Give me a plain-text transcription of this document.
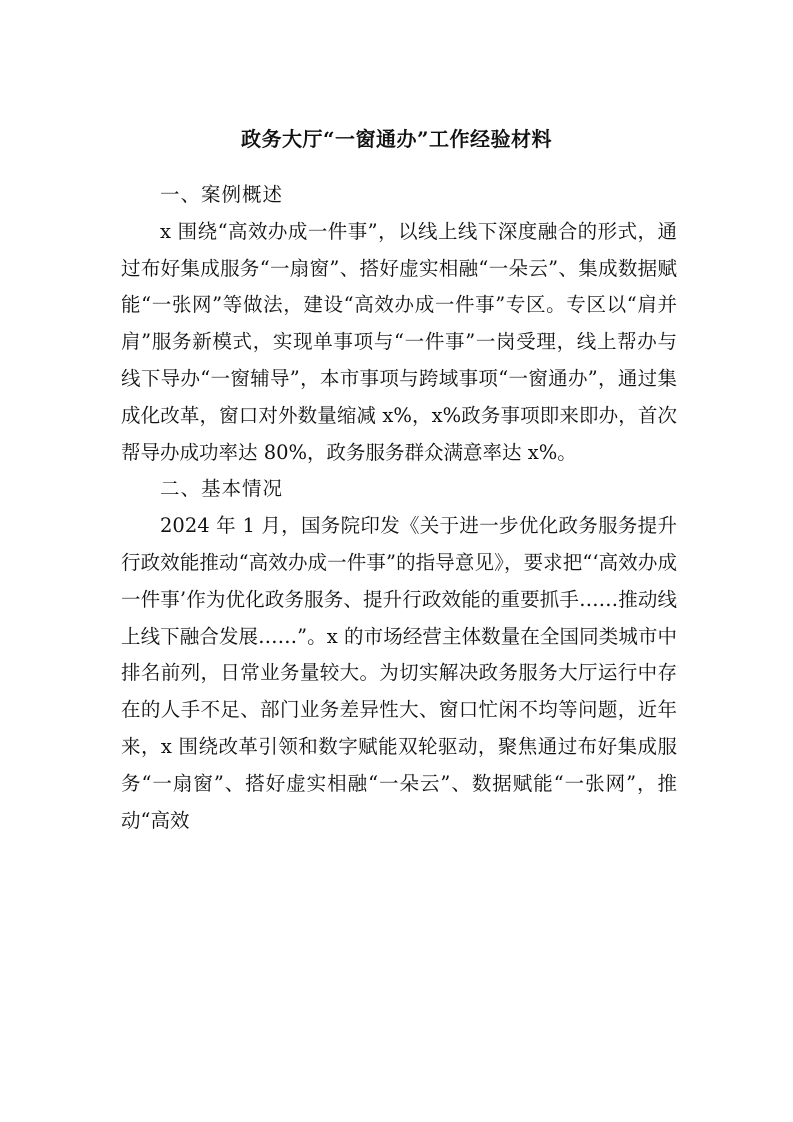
政务大厅“一窗通办”工作经验材料

一、案例概述

x 围绕“高效办成一件事”，以线上线下深度融合的形式，通过布好集成服务“一扇窗”、搭好虚实相融“一朵云”、集成数据赋能“一张网”等做法，建设“高效办成一件事”专区。专区以“肩并肩”服务新模式，实现单事项与“一件事”一岗受理，线上帮办与线下导办“一窗辅导”，本市事项与跨域事项“一窗通办”，通过集成化改革，窗口对外数量缩减 x%，x%政务事项即来即办，首次帮导办成功率达 80%，政务服务群众满意率达 x%。

二、基本情况

2024 年 1 月，国务院印发《关于进一步优化政务服务提升行政效能推动“高效办成一件事”的指导意见》，要求把“‘高效办成一件事’作为优化政务服务、提升行政效能的重要抓手……推动线上线下融合发展……”。x 的市场经营主体数量在全国同类城市中排名前列，日常业务量较大。为切实解决政务服务大厅运行中存在的人手不足、部门业务差异性大、窗口忙闲不均等问题，近年来，x 围绕改革引领和数字赋能双轮驱动，聚焦通过布好集成服务“一扇窗”、搭好虚实相融“一朵云”、数据赋能“一张网”，推动“高效
